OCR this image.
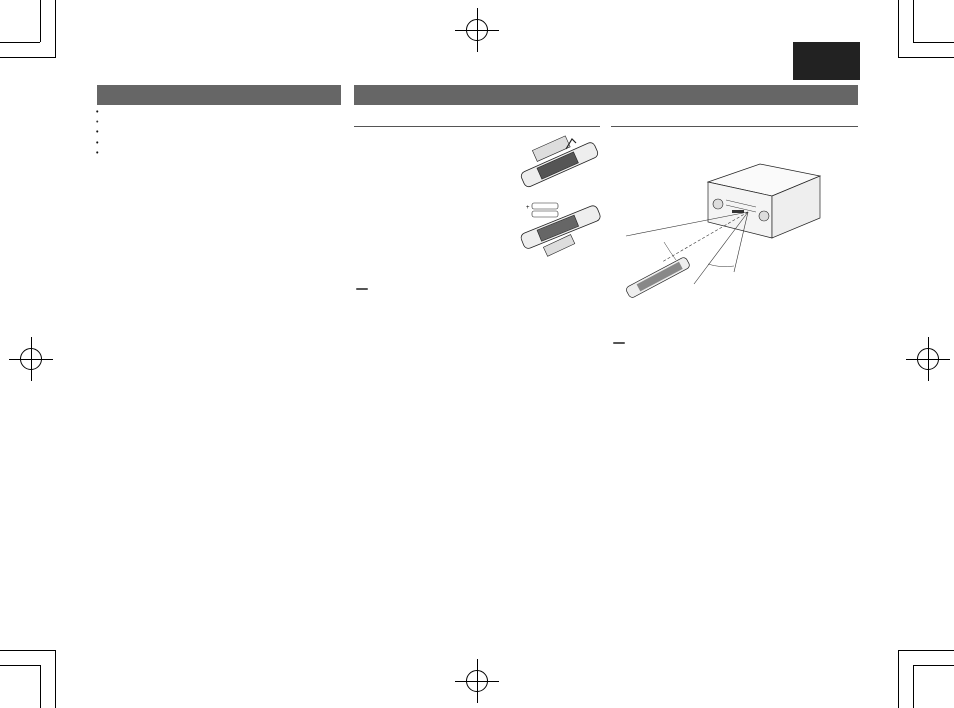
•

•

•

•

•

+
